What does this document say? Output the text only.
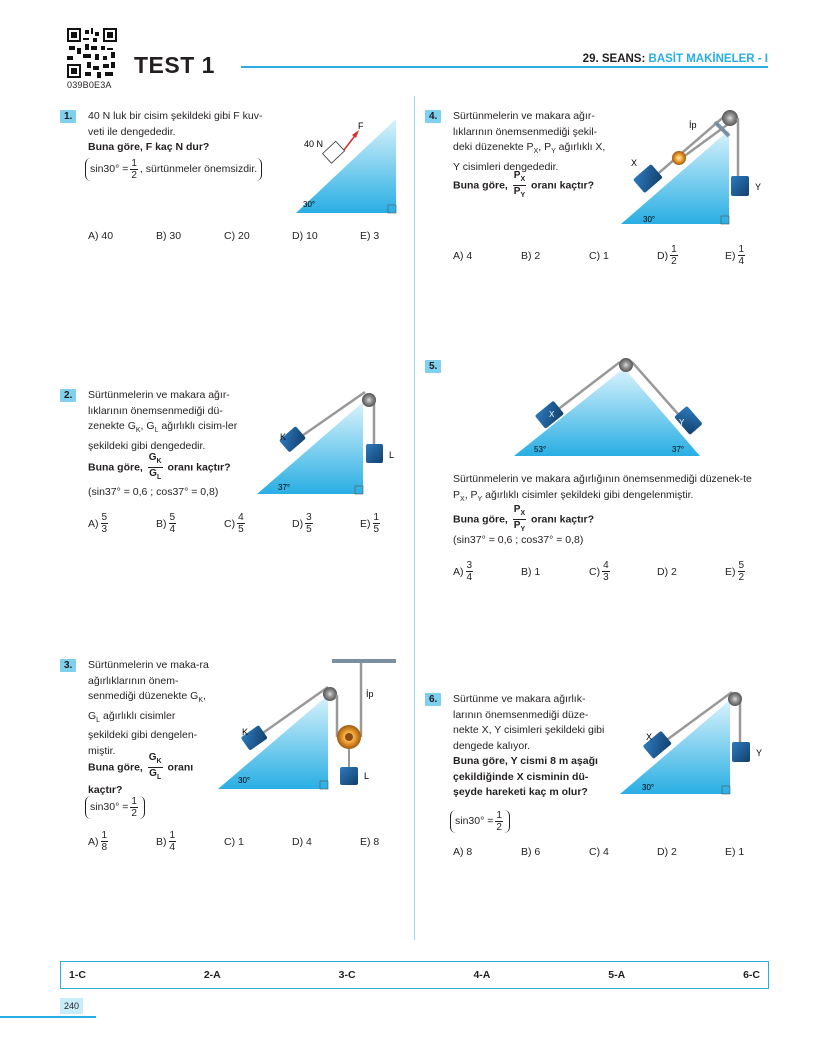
039B0E3A
TEST 1	29. SEANS: BASİT MAKİNELER - I
1.	40 N luk bir cisim şekildeki gibi F kuv-veti ile dengededir.
Buna göre, F kaç N dur?
$\sin 30^\circ = \frac{1}{2}$ , sürtünmeler önemsizdir.
40 N
F
30°
A)
40	B)
30	C)
20	D)
10	E)
3
2.	Sürtünmelerin ve makara ağır-lıklarının önemsenmediği dü-zenekte $G_K$, $G_L$ ağırlıklı cisim-ler şekildeki gibi dengededir.
Buna göre, $\frac{G_K}{G_L}$ oranı kaçtır?
(sin37° = 0,6 ; cos37° = 0,8)
K
L
37°
$A) \frac{5}{3}$	$B) \frac{5}{4}$	$C) \frac{4}{5}$	$D) \frac{3}{5}$	$E) \frac{1}{5}$
3.	Sürtünmelerin ve maka-ra ağırlıklarının önem-senmediği düzenekte $G_K$, $G_L$ ağırlıklı cisimler şekildeki gibi dengelen-miştir.
Buna göre, $\frac{G_K}{G_L}$ oranı kaçtır?
$\sin 30^\circ = \frac{1}{2}$
K
L
İp
30°
$A) \frac{1}{8}$	$B) \frac{1}{4}$	C)
1	D)
4	E)
8
4.	Sürtünmelerin ve makara ağır-lıklarının önemsenmediği şekil-deki düzenekte $P_X$, $P_Y$ ağırlıklı X, Y cisimleri dengededir.
Buna göre, $\frac{P_X}{P_Y}$ oranı kaçtır?
X
Y
İp
30°
A)
4	B)
2	C)
1	$D) \frac{1}{2}$	$E) \frac{1}{4}$
5.
X
Y
53°	37°
Sürtünmelerin ve makara ağırlığının önemsenmediği düzenek-te $P_X$, $P_Y$ ağırlıklı cisimler şekildeki gibi dengelenmiştir.
Buna göre, $\frac{P_X}{P_Y}$ oranı kaçtır?
(sin37° = 0,6 ; cos37° = 0,8)
$A) \frac{3}{4}$	B)
1	$C) \frac{4}{3}$	D)
2	$E) \frac{5}{2}$
6.	Sürtünme ve makara ağırlık-larının önemsenmediği düze-nekte X, Y cisimleri şekildeki gibi dengede kalıyor.
Buna göre, Y cismi 8 m aşağı çekildiğinde X cisminin dü-şeyde hareketi kaç m olur?
$\sin 30^\circ = \frac{1}{2}$
X
Y
30°
A)
8	B)
6	C)
4	D)
2	E)
1
1-C	2-A	3-C	4-A	5-A	6-C
240
